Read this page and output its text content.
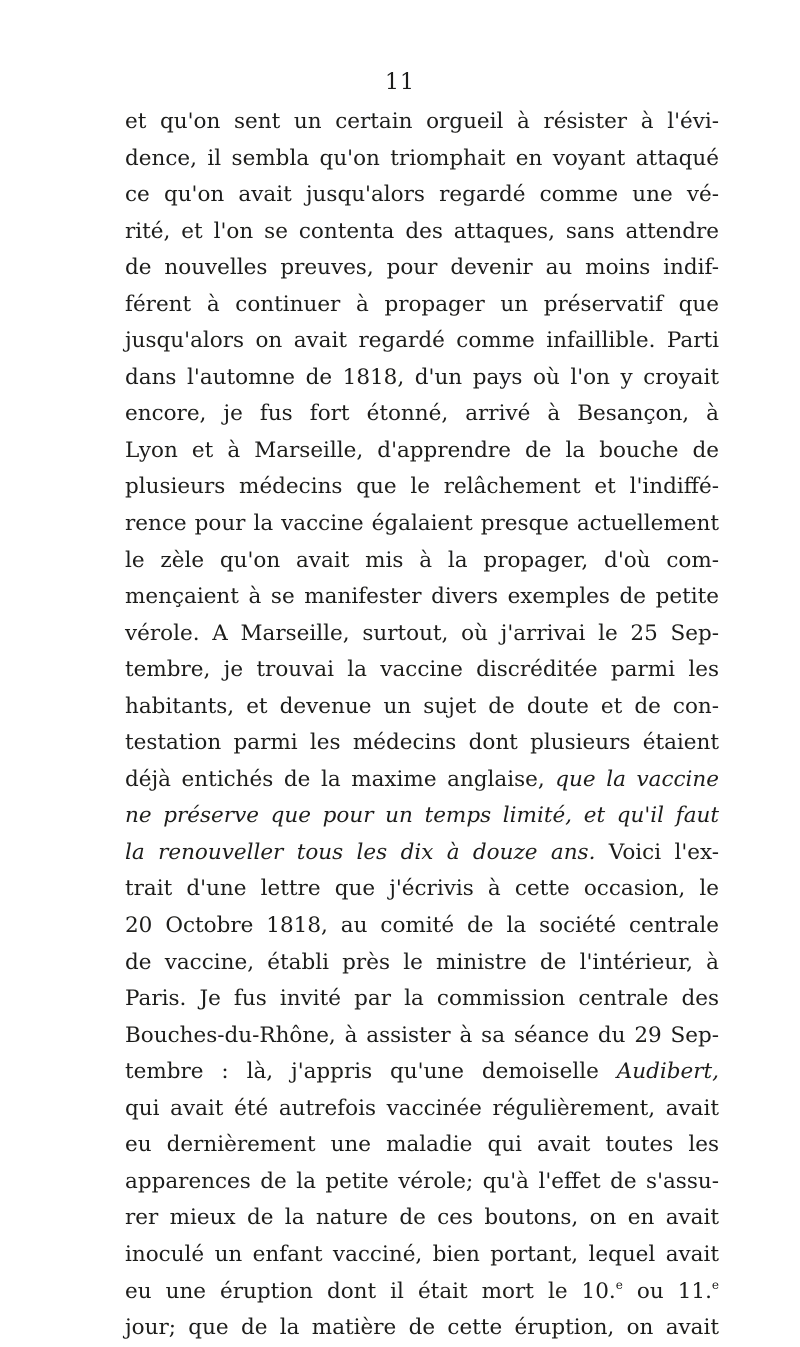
11
et qu'on sent un certain orgueil à résister à l'évi-
dence, il sembla qu'on triomphait en voyant attaqué
ce qu'on avait jusqu'alors regardé comme une vé-
rité, et l'on se contenta des attaques, sans attendre
de nouvelles preuves, pour devenir au moins indif-
férent à continuer à propager un préservatif que
jusqu'alors on avait regardé comme infaillible. Parti
dans l'automne de 1818, d'un pays où l'on y croyait
encore, je fus fort étonné, arrivé à Besançon, à
Lyon et à Marseille, d'apprendre de la bouche de
plusieurs médecins que le relâchement et l'indiffé-
rence pour la vaccine égalaient presque actuellement
le zèle qu'on avait mis à la propager, d'où com-
mençaient à se manifester divers exemples de petite
vérole. A Marseille, surtout, où j'arrivai le 25 Sep-
tembre, je trouvai la vaccine discréditée parmi les
habitants, et devenue un sujet de doute et de con-
testation parmi les médecins dont plusieurs étaient
déjà entichés de la maxime anglaise, que la vaccine
ne préserve que pour un temps limité, et qu'il faut
la renouveller tous les dix à douze ans. Voici l'ex-
trait d'une lettre que j'écrivis à cette occasion, le
20 Octobre 1818, au comité de la société centrale
de vaccine, établi près le ministre de l'intérieur, à
Paris. Je fus invité par la commission centrale des
Bouches-du-Rhône, à assister à sa séance du 29 Sep-
tembre : là, j'appris qu'une demoiselle Audibert,
qui avait été autrefois vaccinée régulièrement, avait
eu dernièrement une maladie qui avait toutes les
apparences de la petite vérole; qu'à l'effet de s'assu-
rer mieux de la nature de ces boutons, on en avait
inoculé un enfant vacciné, bien portant, lequel avait
eu une éruption dont il était mort le 10.$^e$ ou 11.$^e$
jour; que de la matière de cette éruption, on avait
